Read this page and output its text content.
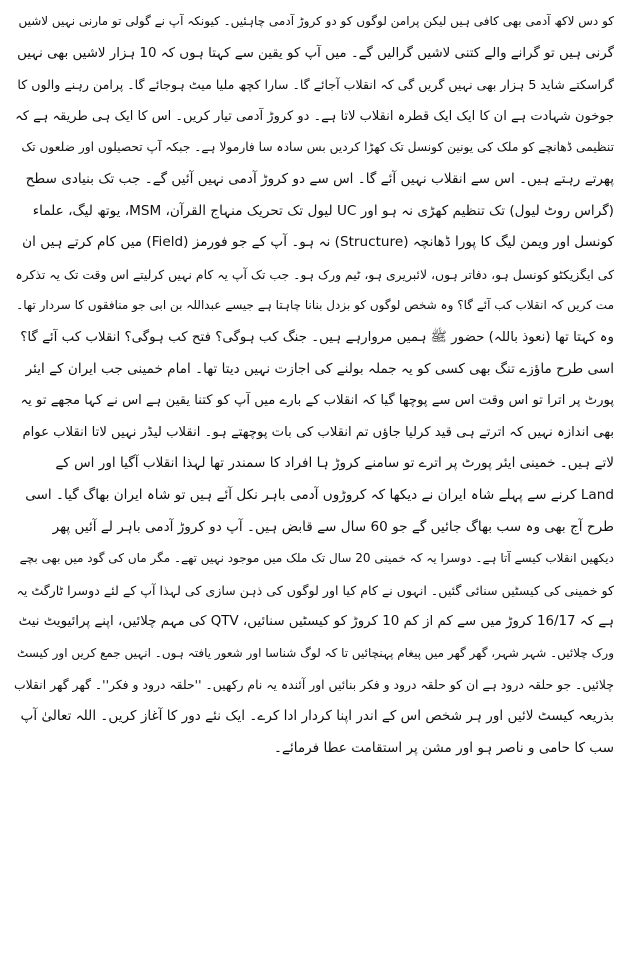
کو دس لاکھ آدمی بھی کافی ہیں لیکن پرامن لوگوں کو دو کروڑ آدمی چاہئیں۔ کیونکہ آپ نے گولی تو مارنی نہیں لاشیں
گرنی ہیں تو گرانے والے کتنی لاشیں گرالیں گے۔ میں آپ کو یقین سے کہتا ہوں کہ 10 ہزار لاشیں بھی نہیں
گراسکتے شاید 5 ہزار بھی نہیں گریں گی کہ انقلاب آجائے گا۔ سارا کچھ ملیا میٹ ہوجائے گا۔ پرامن رہنے والوں کا
جوخون شہادت ہے ان کا ایک ایک قطرہ انقلاب لاتا ہے۔ دو کروڑ آدمی تیار کریں۔ اس کا ایک ہی طریقہ ہے کہ
تنظیمی ڈھانچے کو ملک کی یونین کونسل تک کھڑا کردیں بس سادہ سا فارمولا ہے۔ جبکہ آپ تحصیلوں اور ضلعوں تک
پھرتے رہتے ہیں۔ اس سے انقلاب نہیں آئے گا۔ اس سے دو کروڑ آدمی نہیں آئیں گے۔ جب تک بنیادی سطح
(گراس روٹ لیول) تک تنظیم کھڑی نہ ہو اور UC لیول تک تحریک منہاج القرآن، MSM، یوتھ لیگ، علماء
کونسل اور ویمن لیگ کا پورا ڈھانچہ (Structure) نہ ہو۔ آپ کے جو فورمز (Field) میں کام کرتے ہیں ان
کی ایگزیکٹو کونسل ہو، دفاتر ہوں، لائبریری ہو، ٹیم ورک ہو۔ جب تک آپ یہ کام نہیں کرلیتے اس وقت تک یہ تذکرہ
مت کریں کہ انقلاب کب آئے گا؟ وہ شخص لوگوں کو بزدل بنانا چاہتا ہے جیسے عبداللہ بن ابی جو منافقوں کا سردار تھا۔
وہ کہتا تھا (نعوذ باللہ) حضور ﷺ ہمیں مروارہے ہیں۔ جنگ کب ہوگی؟ فتح کب ہوگی؟ انقلاب کب آئے گا؟
اسی طرح ماؤزے تنگ بھی کسی کو یہ جملہ بولنے کی اجازت نہیں دیتا تھا۔ امام خمینی جب ایران کے ایئر
پورٹ پر اترا تو اس وقت اس سے پوچھا گیا کہ انقلاب کے بارے میں آپ کو کتنا یقین ہے اس نے کہا مجھے تو یہ
بھی اندازہ نہیں کہ اترتے ہی قید کرلیا جاؤں تم انقلاب کی بات پوچھتے ہو۔ انقلاب لیڈر نہیں لاتا انقلاب عوام
لاتے ہیں۔ خمینی ایئر پورٹ پر اترے تو سامنے کروڑ ہا افراد کا سمندر تھا لہذا انقلاب آگیا اور اس کے
Land کرنے سے پہلے شاہ ایران نے دیکھا کہ کروڑوں آدمی باہر نکل آئے ہیں تو شاہ ایران بھاگ گیا۔ اسی
طرح آج بھی وہ سب بھاگ جائیں گے جو 60 سال سے قابض ہیں۔ آپ دو کروڑ آدمی باہر لے آئیں پھر
دیکھیں انقلاب کیسے آتا ہے۔ دوسرا یہ کہ خمینی 20 سال تک ملک میں موجود نہیں تھے۔ مگر ماں کی گود میں بھی بچے
کو خمینی کی کیسٹیں سنائی گئیں۔ انہوں نے کام کیا اور لوگوں کی ذہن سازی کی لہذا آپ کے لئے دوسرا ٹارگٹ یہ
ہے کہ 16/17 کروڑ میں سے کم از کم 10 کروڑ کو کیسٹیں سنائیں، QTV کی مہم چلائیں، اپنے پرائیویٹ نیٹ
ورک چلائیں۔ شہر شہر، گھر گھر میں پیغام پہنچائیں تا کہ لوگ شناسا اور شعور یافتہ ہوں۔ انہیں جمع کریں اور کیسٹ
چلائیں۔ جو حلقہ درود ہے ان کو حلقہ درود و فکر بنائیں اور آئندہ یہ نام رکھیں۔ ''حلقہ درود و فکر''۔ گھر گھر انقلاب
بذریعہ کیسٹ لائیں اور ہر شخص اس کے اندر اپنا کردار ادا کرے۔ ایک نئے دور کا آغاز کریں۔ اللہ تعالیٰ آپ
سب کا حامی و ناصر ہو اور مشن پر استقامت عطا فرمائے۔
